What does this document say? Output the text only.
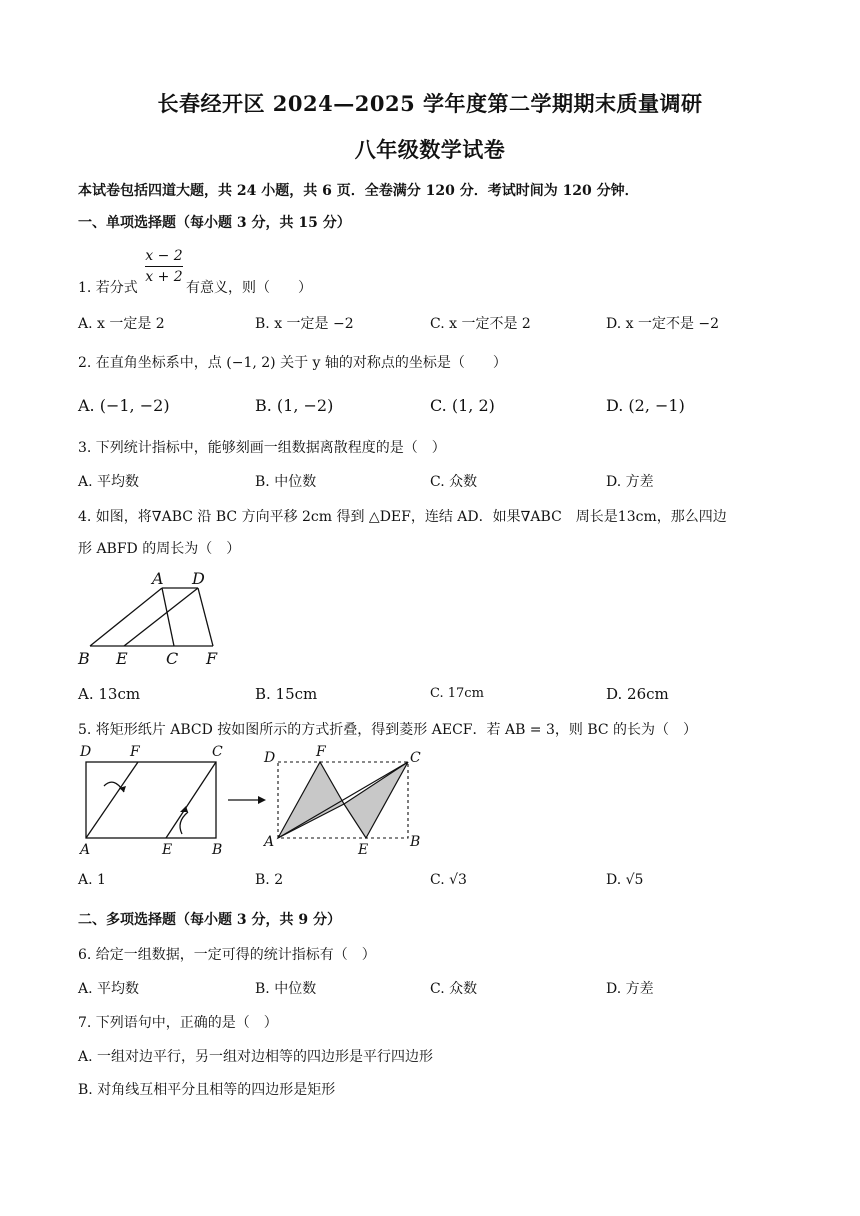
长春经开区 2024—2025 学年度第二学期期末质量调研
八年级数学试卷
本试卷包括四道大题，共 24 小题，共 6 页．全卷满分 120 分．考试时间为 120 分钟．
一、单项选择题（每小题 3 分，共 15 分）
$\frac{x - 2}{x + 2}$
1. 若分式	有意义，则（　　）
A. x 一定是 2	B. x 一定是 −2	C. x 一定不是 2	D. x 一定不是 −2
2. 在直角坐标系中，点 (−1, 2) 关于 y 轴的对称点的坐标是（　　）
A. (−1, −2)	B. (1, −2)	C. (1, 2)	D. (2, −1)
3. 下列统计指标中，能够刻画一组数据离散程度的是（　）
A. 平均数	B. 中位数	C. 众数	D. 方差
4. 如图，将∇ABC 沿 BC 方向平移 2cm 得到 △DEF，连结 AD．如果∇ABC　周长是13cm，那么四边
形 ABFD 的周长为（　）
A D
B E C F
A. 13cm	B. 15cm	C. 17cm	D. 26cm
5. 将矩形纸片 ABCD 按如图所示的方式折叠，得到菱形 AECF．若 AB = 3，则 BC 的长为（　）
D	F	C
A	E	B
D	F	C
A	E	B
A. 1	B. 2	C. √3	D. √5
二、多项选择题（每小题 3 分，共 9 分）
6. 给定一组数据，一定可得的统计指标有（　）
A. 平均数	B. 中位数	C. 众数	D. 方差
7. 下列语句中，正确的是（　）
A. 一组对边平行，另一组对边相等的四边形是平行四边形
B. 对角线互相平分且相等的四边形是矩形
